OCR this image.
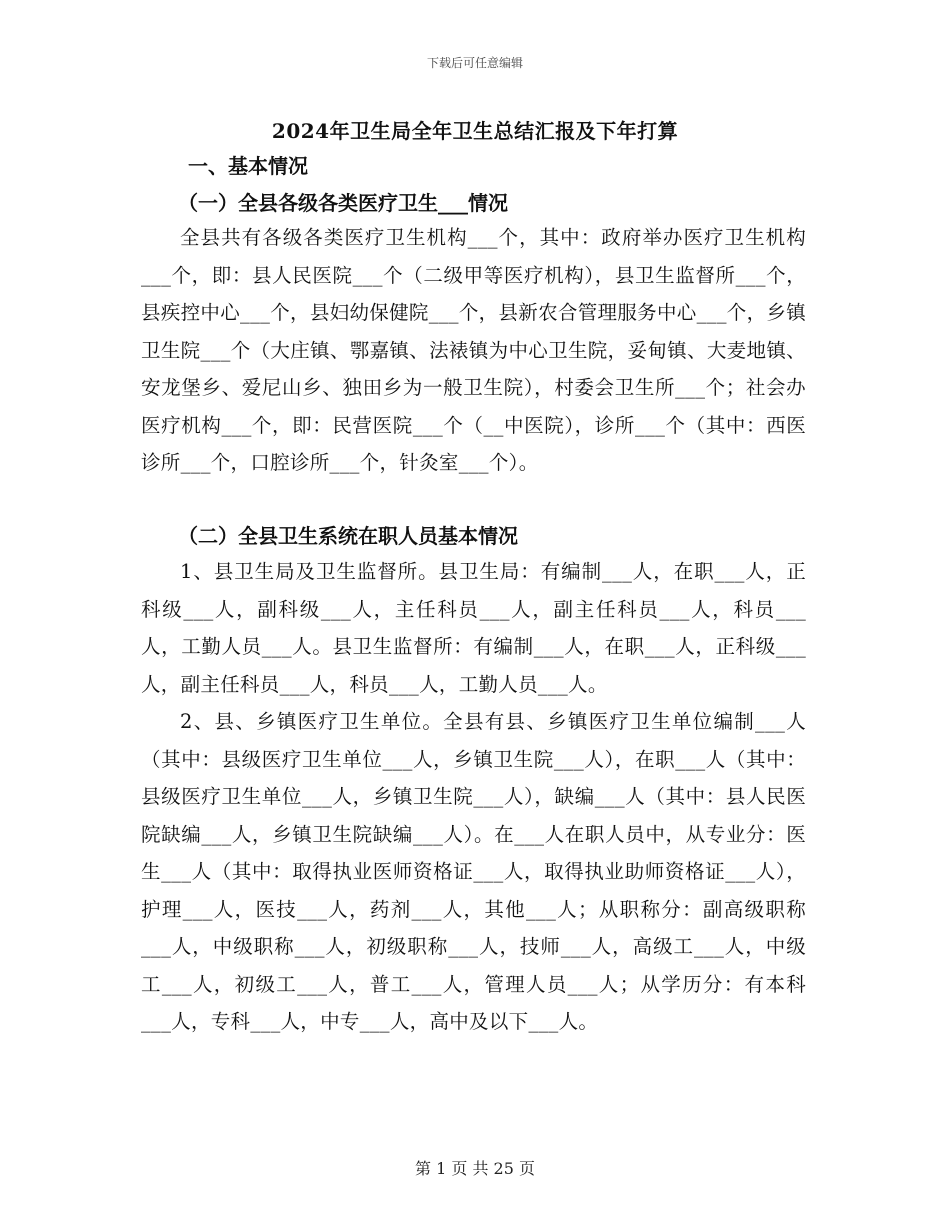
下载后可任意编辑
2024年卫生局全年卫生总结汇报及下年打算
一、基本情况
（一）全县各级各类医疗卫生___情况

全县共有各级各类医疗卫生机构___个，其中：政府举办医疗卫生机构___个，即：县人民医院___个（二级甲等医疗机构），县卫生监督所___个，县疾控中心___个，县妇幼保健院___个，县新农合管理服务中心___个，乡镇卫生院___个（大庄镇、鄂嘉镇、法裱镇为中心卫生院，妥甸镇、大麦地镇、安龙堡乡、爱尼山乡、独田乡为一般卫生院），村委会卫生所___个；社会办医疗机构___个，即：民营医院___个（__中医院），诊所___个（其中：西医诊所___个，口腔诊所___个，针灸室___个）。

（二）全县卫生系统在职人员基本情况

1、县卫生局及卫生监督所。县卫生局：有编制___人，在职___人，正科级___人，副科级___人，主任科员___人，副主任科员___人，科员___人，工勤人员___人。县卫生监督所：有编制___人，在职___人，正科级___人，副主任科员___人，科员___人，工勤人员___人。

2、县、乡镇医疗卫生单位。全县有县、乡镇医疗卫生单位编制___人（其中：县级医疗卫生单位___人，乡镇卫生院___人），在职___人（其中：县级医疗卫生单位___人，乡镇卫生院___人），缺编___人（其中：县人民医院缺编___人，乡镇卫生院缺编___人）。在___人在职人员中，从专业分：医生___人（其中：取得执业医师资格证___人，取得执业助师资格证___人），护理___人，医技___人，药剂___人，其他___人；从职称分：副高级职称___人，中级职称___人，初级职称___人，技师___人，高级工___人，中级工___人，初级工___人，普工___人，管理人员___人；从学历分：有本科___人，专科___人，中专___人，高中及以下___人。

第 1 页 共 25 页
